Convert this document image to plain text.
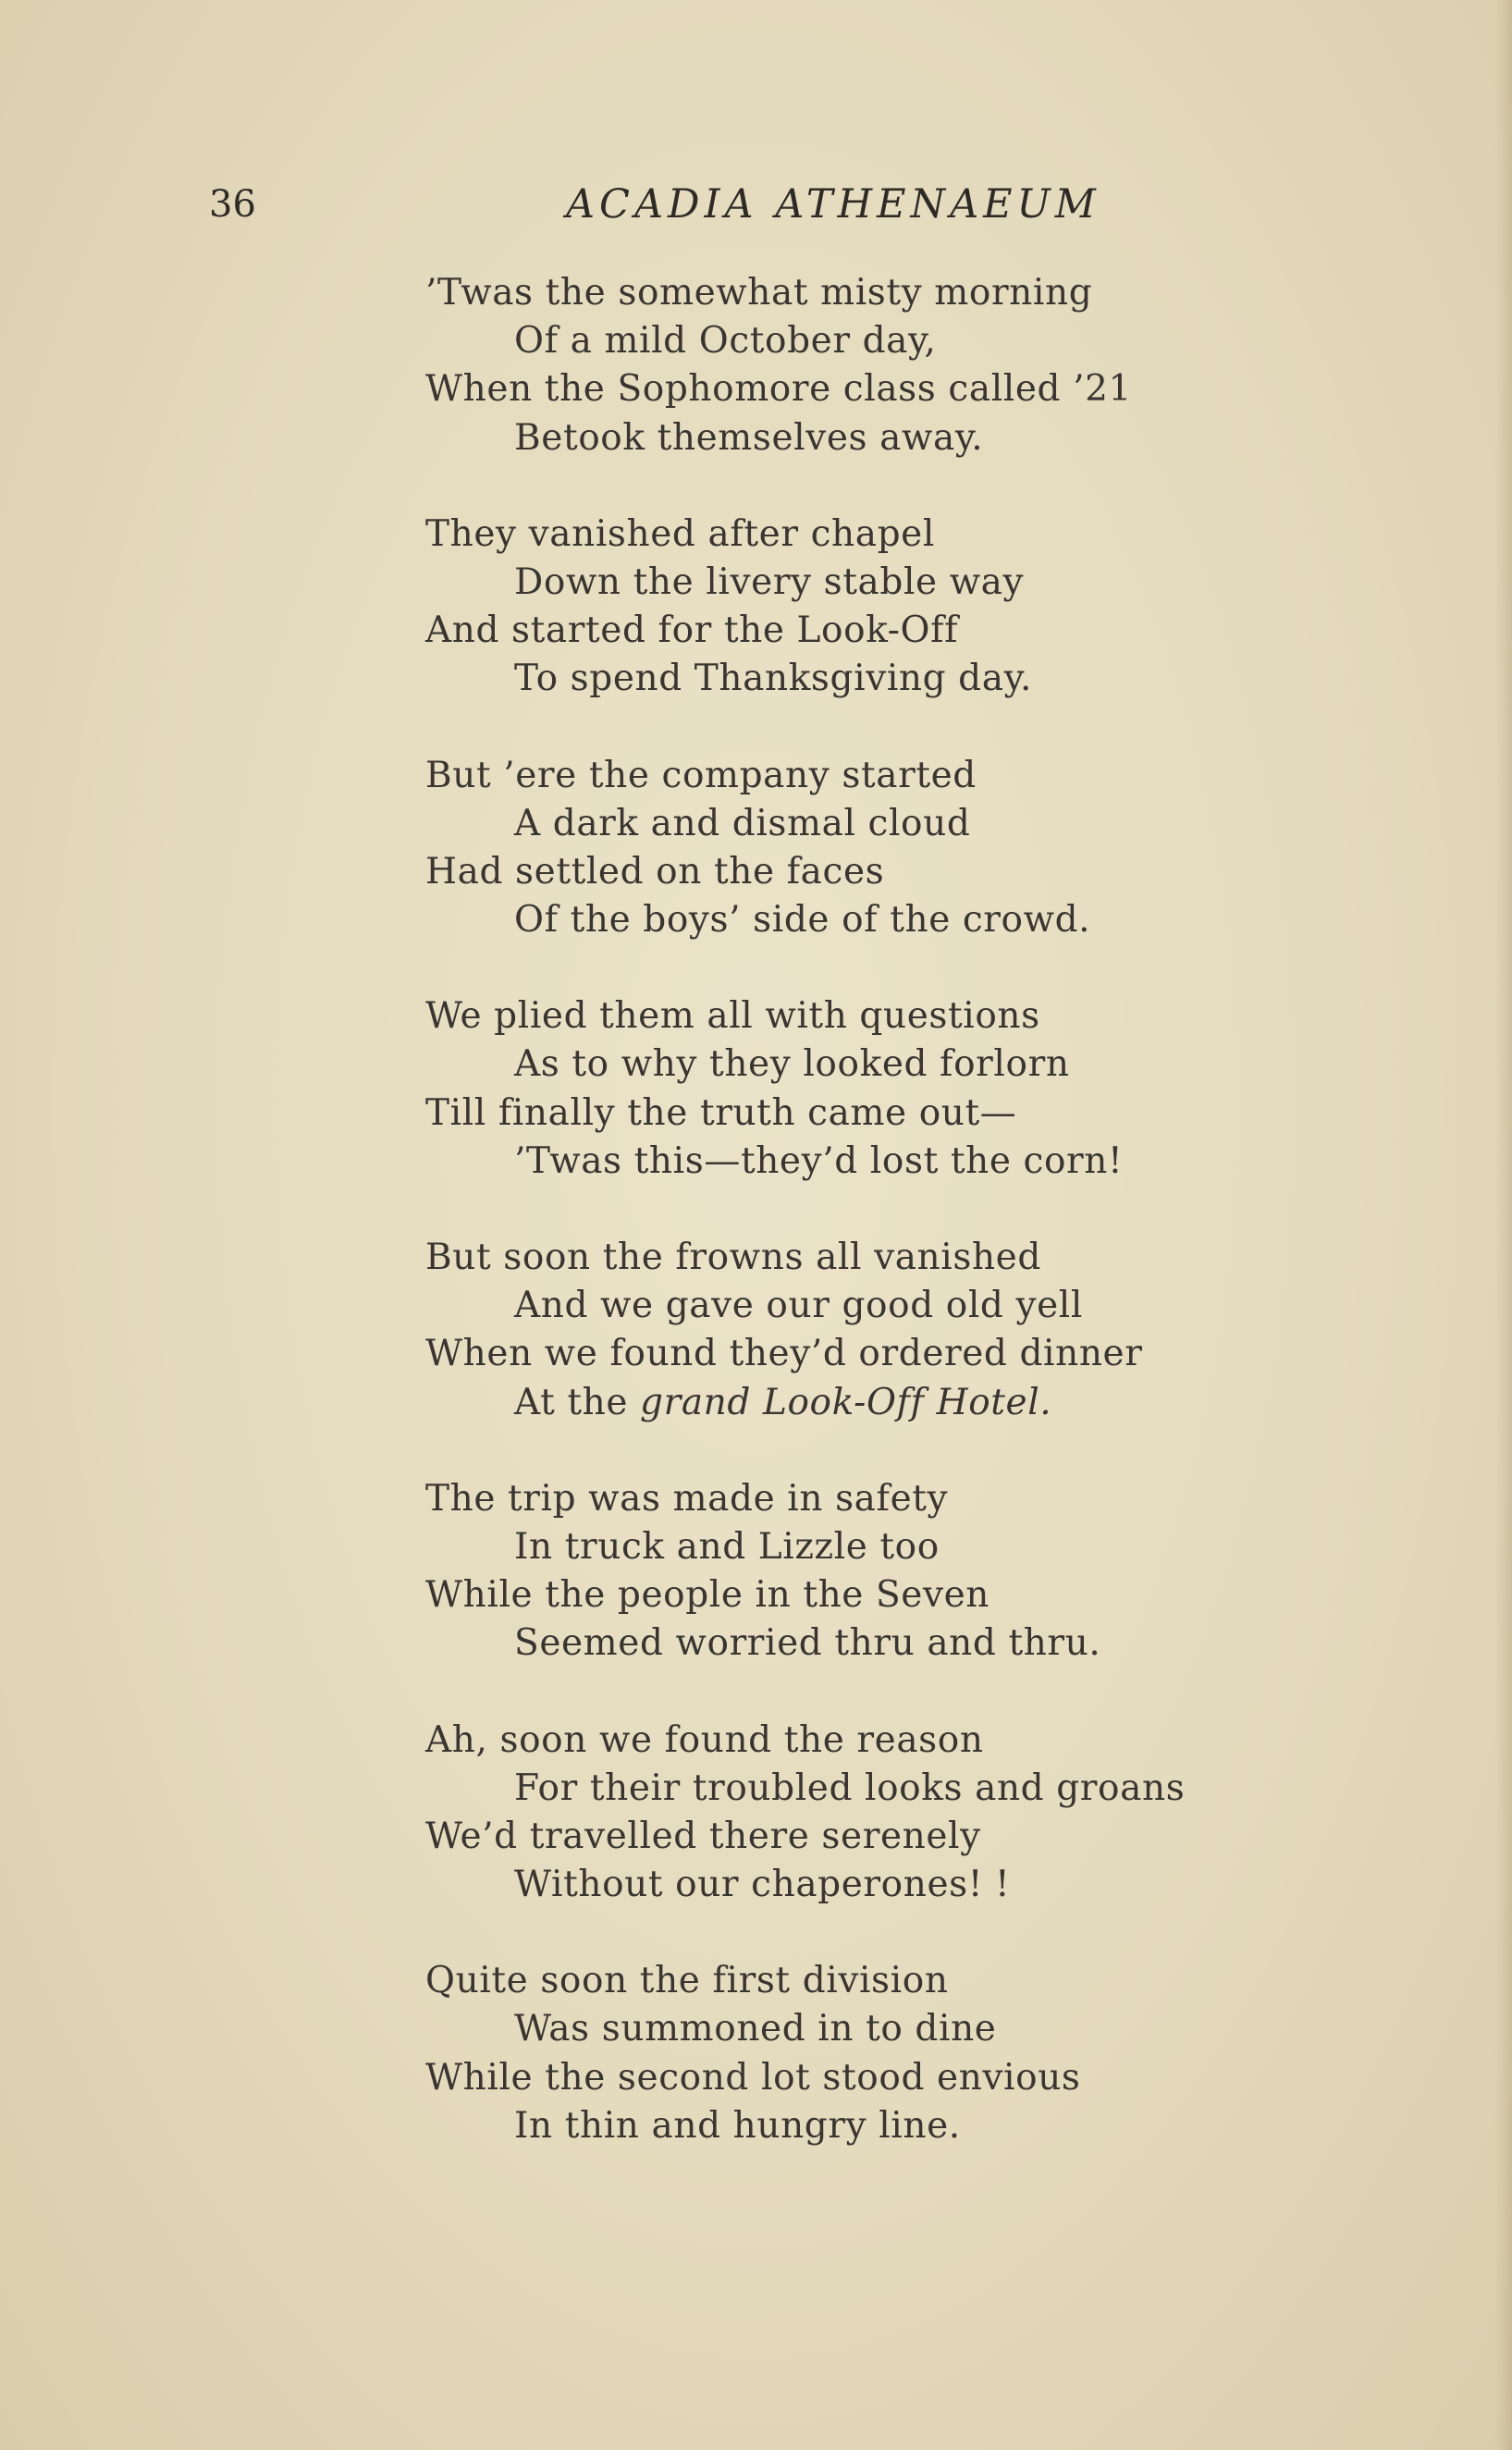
36	ACADIA ATHENAEUM
’Twas the somewhat misty morning
Of a mild October day,
When the Sophomore class called ’21
Betook themselves away.
They vanished after chapel
Down the livery stable way
And started for the Look-Off
To spend Thanksgiving day.
But ’ere the company started
A dark and dismal cloud
Had settled on the faces
Of the boys’ side of the crowd.
We plied them all with questions
As to why they looked forlorn
Till finally the truth came out—
’Twas this—they’d lost the corn!
But soon the frowns all vanished
And we gave our good old yell
When we found they’d ordered dinner
At the grand Look-Off Hotel.
The trip was made in safety
In truck and Lizzle too
While the people in the Seven
Seemed worried thru and thru.
Ah, soon we found the reason
For their troubled looks and groans
We’d travelled there serenely
Without our chaperones! !
Quite soon the first division
Was summoned in to dine
While the second lot stood envious
In thin and hungry line.
